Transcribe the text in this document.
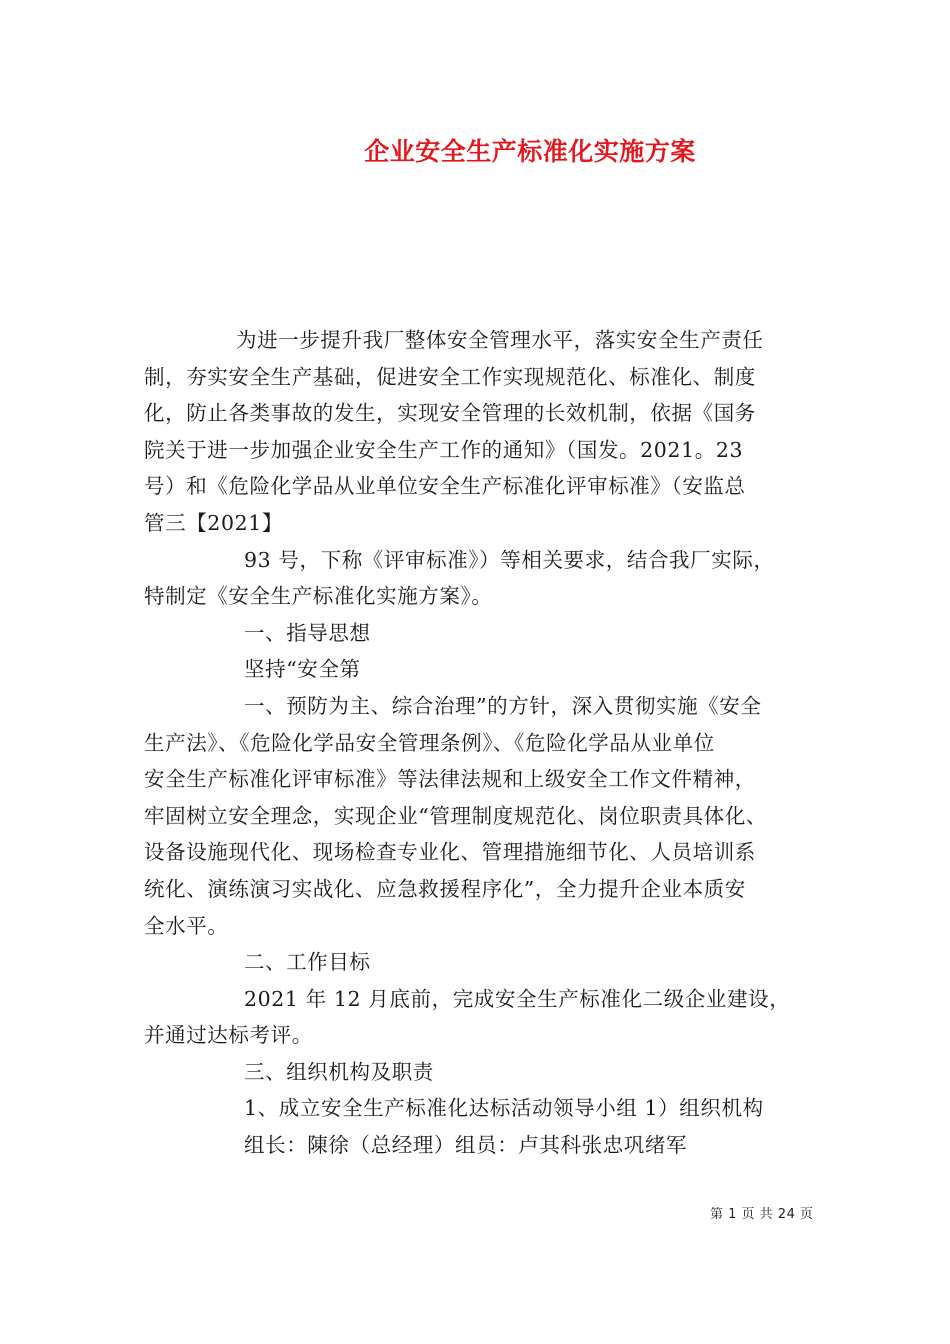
企业安全生产标准化实施方案
为进一步提升我厂整体安全管理水平，落实安全生产责任
制，夯实安全生产基础，促进安全工作实现规范化、标准化、制度
化，防止各类事故的发生，实现安全管理的长效机制，依据《国务
院关于进一步加强企业安全生产工作的通知》（国发。2021。23
号）和《危险化学品从业单位安全生产标准化评审标准》（安监总
管三【2021】
93 号，下称《评审标准》）等相关要求，结合我厂实际，
特制定《安全生产标准化实施方案》。
一、指导思想
坚持“安全第
一、预防为主、综合治理”的方针，深入贯彻实施《安全
生产法》、《危险化学品安全管理条例》、《危险化学品从业单位
安全生产标准化评审标准》等法律法规和上级安全工作文件精神，
牢固树立安全理念，实现企业“管理制度规范化、岗位职责具体化、
设备设施现代化、现场检查专业化、管理措施细节化、人员培训系
统化、演练演习实战化、应急救援程序化”，全力提升企业本质安
全水平。
二、工作目标
2021 年 12 月底前，完成安全生产标准化二级企业建设，
并通过达标考评。
三、组织机构及职责
1、成立安全生产标准化达标活动领导小组 1）组织机构
组长：陳徐（总经理）组员：卢其科张忠巩绪军
第 1 页 共 24 页
